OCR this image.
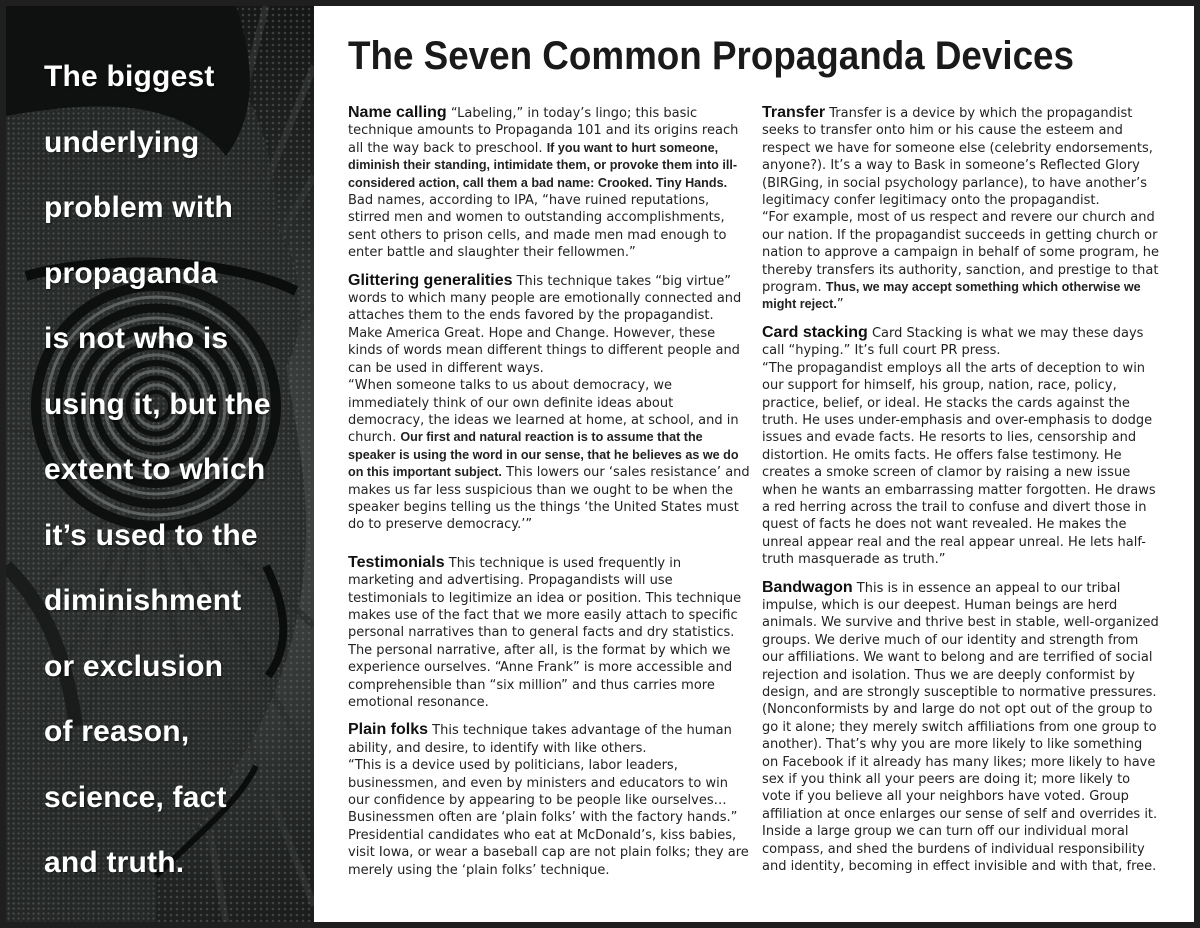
The biggest
underlying
problem with
propaganda
is not who is
using it, but the
extent to which
it’s used to the
diminishment
or exclusion
of reason,
science, fact
and truth.
The Seven Common Propaganda Devices

Name calling “Labeling,” in today’s lingo; this basic technique amounts to Propaganda 101 and its origins reach all the way back to preschool. If you want to hurt someone, diminish their standing, intimidate them, or provoke them into ill-considered action, call them a bad name: Crooked. Tiny Hands. Bad names, according to IPA, “have ruined reputations, stirred men and women to outstanding accomplishments, sent others to prison cells, and made men mad enough to enter battle and slaughter their fellowmen.”

Glittering generalities This technique takes “big virtue” words to which many people are emotionally connected and attaches them to the ends favored by the propagandist. Make America Great. Hope and Change. However, these kinds of words mean different things to different people and can be used in different ways.

“When someone talks to us about democracy, we immediately think of our own definite ideas about democracy, the ideas we learned at home, at school, and in church. Our first and natural reaction is to assume that the speaker is using the word in our sense, that he believes as we do on this important subject. This lowers our ‘sales resistance’ and makes us far less suspicious than we ought to be when the speaker begins telling us the things ‘the United States must do to preserve democracy.’”

Testimonials This technique is used frequently in marketing and advertising. Propagandists will use testimonials to legitimize an idea or position. This technique makes use of the fact that we more easily attach to specific personal narratives than to general facts and dry statistics. The personal narrative, after all, is the format by which we experience ourselves. “Anne Frank” is more accessible and comprehensible than “six million” and thus carries more emotional resonance.

Plain folks This technique takes advantage of the human ability, and desire, to identify with like others.

“This is a device used by politicians, labor leaders, businessmen, and even by ministers and educators to win our confidence by appearing to be people like ourselves… Businessmen often are ‘plain folks’ with the factory hands.” Presidential candidates who eat at McDonald’s, kiss babies, visit Iowa, or wear a baseball cap are not plain folks; they are merely using the ‘plain folks’ technique.

Transfer Transfer is a device by which the propagandist seeks to transfer onto him or his cause the esteem and respect we have for someone else (celebrity endorsements, anyone?). It’s a way to Bask in someone’s Reflected Glory (BIRGing, in social psychology parlance), to have another’s legitimacy confer legitimacy onto the propagandist.

“For example, most of us respect and revere our church and our nation. If the propagandist succeeds in getting church or nation to approve a campaign in behalf of some program, he thereby transfers its authority, sanction, and prestige to that program. Thus, we may accept something which otherwise we might reject.”

Card stacking Card Stacking is what we may these days call “hyping.” It’s full court PR press.

“The propagandist employs all the arts of deception to win our support for himself, his group, nation, race, policy, practice, belief, or ideal. He stacks the cards against the truth. He uses under-emphasis and over-emphasis to dodge issues and evade facts. He resorts to lies, censorship and distortion. He omits facts. He offers false testimony. He creates a smoke screen of clamor by raising a new issue when he wants an embarrassing matter forgotten. He draws a red herring across the trail to confuse and divert those in quest of facts he does not want revealed. He makes the unreal appear real and the real appear unreal. He lets half-truth masquerade as truth.”

Bandwagon This is in essence an appeal to our tribal impulse, which is our deepest. Human beings are herd animals. We survive and thrive best in stable, well-organized groups. We derive much of our identity and strength from our affiliations. We want to belong and are terrified of social rejection and isolation. Thus we are deeply conformist by design, and are strongly susceptible to normative pressures. (Nonconformists by and large do not opt out of the group to go it alone; they merely switch affiliations from one group to another). That’s why you are more likely to like something on Facebook if it already has many likes; more likely to have sex if you think all your peers are doing it; more likely to vote if you believe all your neighbors have voted. Group affiliation at once enlarges our sense of self and overrides it. Inside a large group we can turn off our individual moral compass, and shed the burdens of individual responsibility and identity, becoming in effect invisible and with that, free.
